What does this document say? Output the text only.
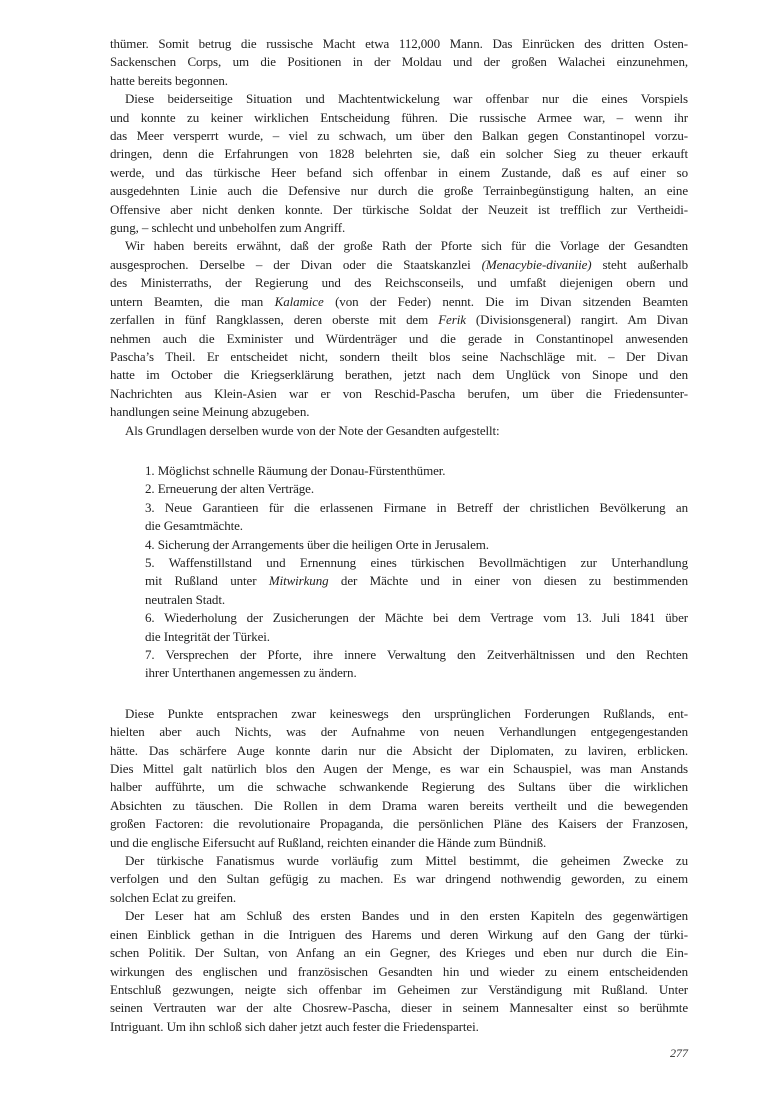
thümer. Somit betrug die russische Macht etwa 112,000 Mann. Das Einrücken des dritten Osten-
Sackenschen Corps, um die Positionen in der Moldau und der großen Walachei einzunehmen,
hatte bereits begonnen.
Diese beiderseitige Situation und Machtentwickelung war offenbar nur die eines Vorspiels
und konnte zu keiner wirklichen Entscheidung führen. Die russische Armee war, – wenn ihr
das Meer versperrt wurde, – viel zu schwach, um über den Balkan gegen Constantinopel vorzu-
dringen, denn die Erfahrungen von 1828 belehrten sie, daß ein solcher Sieg zu theuer erkauft
werde, und das türkische Heer befand sich offenbar in einem Zustande, daß es auf einer so
ausgedehnten Linie auch die Defensive nur durch die große Terrainbegünstigung halten, an eine
Offensive aber nicht denken konnte. Der türkische Soldat der Neuzeit ist trefflich zur Vertheidi-
gung, – schlecht und unbeholfen zum Angriff.
Wir haben bereits erwähnt, daß der große Rath der Pforte sich für die Vorlage der Gesandten
ausgesprochen. Derselbe – der Divan oder die Staatskanzlei (Menacybie-divaniie) steht außerhalb
des Ministerraths, der Regierung und des Reichsconseils, und umfaßt diejenigen obern und
untern Beamten, die man Kalamice (von der Feder) nennt. Die im Divan sitzenden Beamten
zerfallen in fünf Rangklassen, deren oberste mit dem Ferik (Divisionsgeneral) rangirt. Am Divan
nehmen auch die Exminister und Würdenträger und die gerade in Constantinopel anwesenden
Pascha’s Theil. Er entscheidet nicht, sondern theilt blos seine Nachschläge mit. – Der Divan
hatte im October die Kriegserklärung berathen, jetzt nach dem Unglück von Sinope und den
Nachrichten aus Klein-Asien war er von Reschid-Pascha berufen, um über die Friedensunter-
handlungen seine Meinung abzugeben.
Als Grundlagen derselben wurde von der Note der Gesandten aufgestellt:
1. Möglichst schnelle Räumung der Donau-Fürstenthümer.
2. Erneuerung der alten Verträge.
3. Neue Garantieen für die erlassenen Firmane in Betreff der christlichen Bevölkerung an
die Gesamtmächte.
4. Sicherung der Arrangements über die heiligen Orte in Jerusalem.
5. Waffenstillstand und Ernennung eines türkischen Bevollmächtigen zur Unterhandlung
mit Rußland unter Mitwirkung der Mächte und in einer von diesen zu bestimmenden
neutralen Stadt.
6. Wiederholung der Zusicherungen der Mächte bei dem Vertrage vom 13. Juli 1841 über
die Integrität der Türkei.
7. Versprechen der Pforte, ihre innere Verwaltung den Zeitverhältnissen und den Rechten
ihrer Unterthanen angemessen zu ändern.
Diese Punkte entsprachen zwar keineswegs den ursprünglichen Forderungen Rußlands, ent-
hielten aber auch Nichts, was der Aufnahme von neuen Verhandlungen entgegengestanden
hätte. Das schärfere Auge konnte darin nur die Absicht der Diplomaten, zu laviren, erblicken.
Dies Mittel galt natürlich blos den Augen der Menge, es war ein Schauspiel, was man Anstands
halber aufführte, um die schwache schwankende Regierung des Sultans über die wirklichen
Absichten zu täuschen. Die Rollen in dem Drama waren bereits vertheilt und die bewegenden
großen Factoren: die revolutionaire Propaganda, die persönlichen Pläne des Kaisers der Franzosen,
und die englische Eifersucht auf Rußland, reichten einander die Hände zum Bündniß.
Der türkische Fanatismus wurde vorläufig zum Mittel bestimmt, die geheimen Zwecke zu
verfolgen und den Sultan gefügig zu machen. Es war dringend nothwendig geworden, zu einem
solchen Eclat zu greifen.
Der Leser hat am Schluß des ersten Bandes und in den ersten Kapiteln des gegenwärtigen
einen Einblick gethan in die Intriguen des Harems und deren Wirkung auf den Gang der türki-
schen Politik. Der Sultan, von Anfang an ein Gegner, des Krieges und eben nur durch die Ein-
wirkungen des englischen und französischen Gesandten hin und wieder zu einem entscheidenden
Entschluß gezwungen, neigte sich offenbar im Geheimen zur Verständigung mit Rußland. Unter
seinen Vertrauten war der alte Chosrew-Pascha, dieser in seinem Mannesalter einst so berühmte
Intriguant. Um ihn schloß sich daher jetzt auch fester die Friedenspartei.
277
